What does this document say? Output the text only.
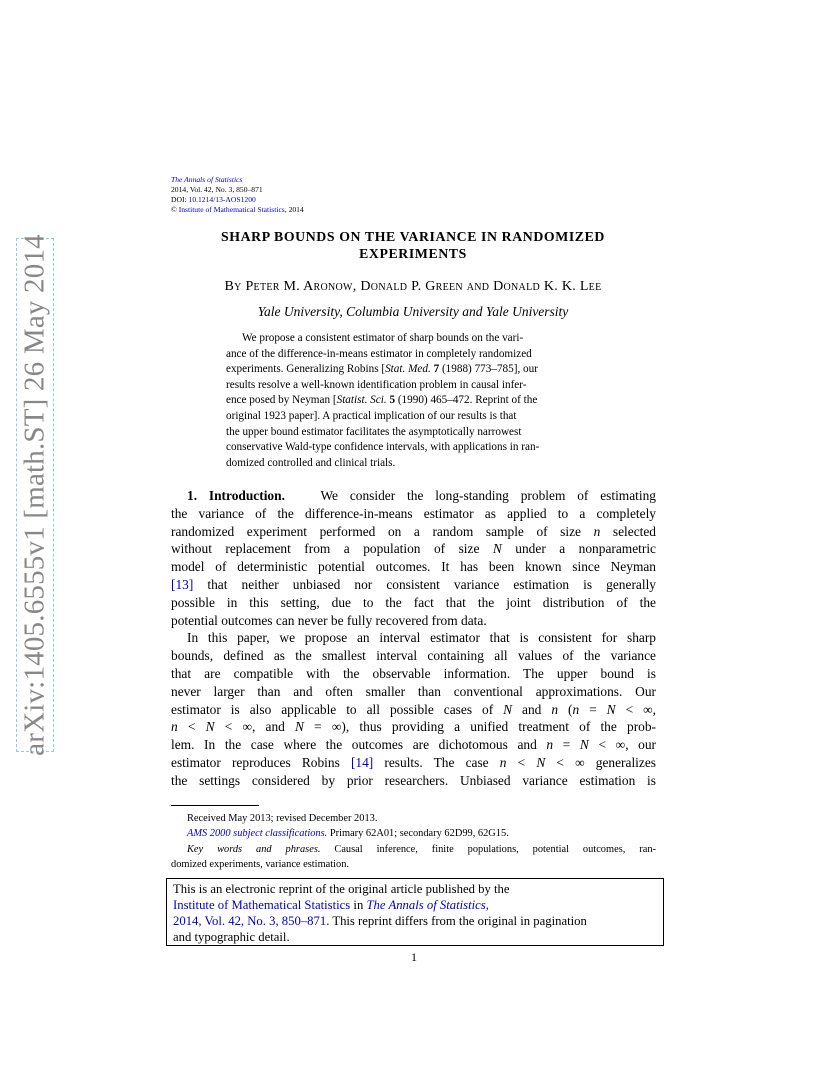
arXiv:1405.6555v1 [math.ST] 26 May 2014
The Annals of Statistics
2014, Vol. 42, No. 3, 850–871
DOI: 10.1214/13-AOS1200
© Institute of Mathematical Statistics, 2014
SHARP BOUNDS ON THE VARIANCE IN RANDOMIZED
EXPERIMENTS
By Peter M. Aronow, Donald P. Green and Donald K. K. Lee
Yale University, Columbia University and Yale University
We propose a consistent estimator of sharp bounds on the vari-
ance of the difference-in-means estimator in completely randomized
experiments. Generalizing Robins [Stat. Med. 7 (1988) 773–785], our
results resolve a well-known identification problem in causal infer-
ence posed by Neyman [Statist. Sci. 5 (1990) 465–472. Reprint of the
original 1923 paper]. A practical implication of our results is that
the upper bound estimator facilitates the asymptotically narrowest
conservative Wald-type confidence intervals, with applications in ran-
domized controlled and clinical trials.
1. Introduction.   We consider the long-standing problem of estimating
the variance of the difference-in-means estimator as applied to a completely
randomized experiment performed on a random sample of size n selected
without replacement from a population of size N under a nonparametric
model of deterministic potential outcomes. It has been known since Neyman
[13] that neither unbiased nor consistent variance estimation is generally
possible in this setting, due to the fact that the joint distribution of the
potential outcomes can never be fully recovered from data.
In this paper, we propose an interval estimator that is consistent for sharp
bounds, defined as the smallest interval containing all values of the variance
that are compatible with the observable information. The upper bound is
never larger than and often smaller than conventional approximations. Our
estimator is also applicable to all possible cases of N and n (n = N < ∞,
n < N < ∞, and N = ∞), thus providing a unified treatment of the prob-
lem. In the case where the outcomes are dichotomous and n = N < ∞, our
estimator reproduces Robins [14] results. The case n < N < ∞ generalizes
the settings considered by prior researchers. Unbiased variance estimation is
Received May 2013; revised December 2013.
AMS 2000 subject classifications. Primary 62A01; secondary 62D99, 62G15.
Key words and phrases. Causal inference, finite populations, potential outcomes, ran-
domized experiments, variance estimation.
This is an electronic reprint of the original article published by the
Institute of Mathematical Statistics in The Annals of Statistics,
2014, Vol. 42, No. 3, 850–871. This reprint differs from the original in pagination
and typographic detail.
1
